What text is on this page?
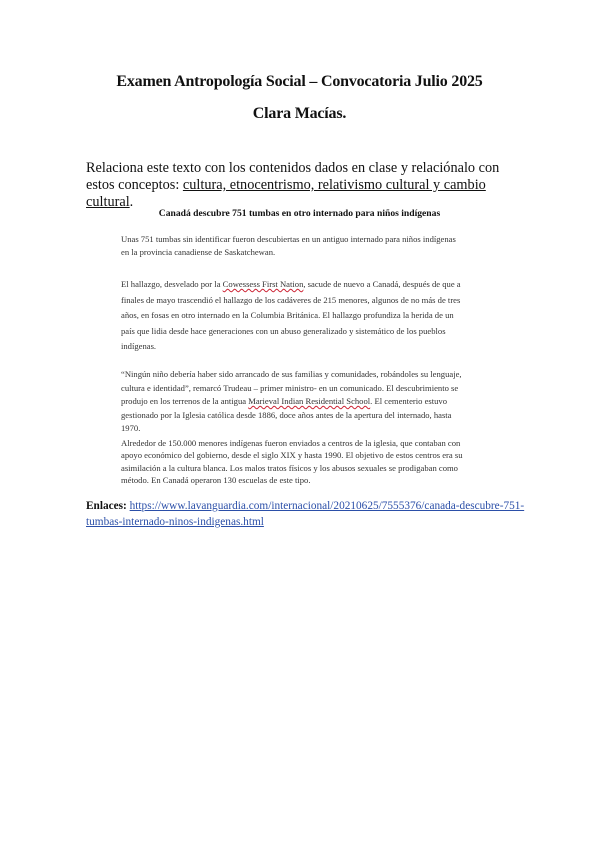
Examen Antropología Social – Convocatoria Julio 2025
Clara Macías.
Relaciona este texto con los contenidos dados en clase y relaciónalo con estos conceptos: cultura, etnocentrismo, relativismo cultural y cambio cultural.
Canadá descubre 751 tumbas en otro internado para niños indígenas
Unas 751 tumbas sin identificar fueron descubiertas en un antiguo internado para niños indígenas en la provincia canadiense de Saskatchewan.
El hallazgo, desvelado por la Cowessess First Nation, sacude de nuevo a Canadá, después de que a finales de mayo trascendió el hallazgo de los cadáveres de 215 menores, algunos de no más de tres años, en fosas en otro internado en la Columbia Británica. El hallazgo profundiza la herida de un país que lidia desde hace generaciones con un abuso generalizado y sistemático de los pueblos indígenas.
“Ningún niño debería haber sido arrancado de sus familias y comunidades, robándoles su lenguaje, cultura e identidad”, remarcó Trudeau – primer ministro- en un comunicado. El descubrimiento se produjo en los terrenos de la antigua Marieval Indian Residential School. El cementerio estuvo gestionado por la Iglesia católica desde 1886, doce años antes de la apertura del internado, hasta 1970.
Alrededor de 150.000 menores indígenas fueron enviados a centros de la iglesia, que contaban con apoyo económico del gobierno, desde el siglo XIX y hasta 1990. El objetivo de estos centros era su asimilación a la cultura blanca. Los malos tratos físicos y los abusos sexuales se prodigaban como método. En Canadá operaron 130 escuelas de este tipo.
Enlaces: https://www.lavanguardia.com/internacional/20210625/7555376/canada-descubre-751-tumbas-internado-ninos-indigenas.html
